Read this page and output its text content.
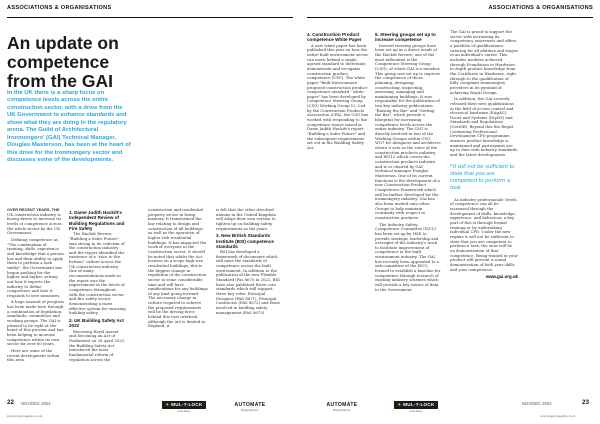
ASSOCIATIONS & ORGANISATIONS	ASSOCIATIONS & ORGANISATIONS
An update on competence from the GAI

In the UK there is a sharp focus on competence levels across the entire construction sector, with a drive from the UK Government to enhance standards and show what they are doing in the regulatory arena. The Guild of Architectural Ironmongers' (GAI) Technical Manager, Douglas Masterson, has been at the heart of this drive for the ironmongery sector and discusses some of the developments.

OVER RECENT YEARS, THE UK construction industry is facing drives to increase its levels of competence across the whole sector by the UK Government.

Defining competence as "The combination of training, skills, experience and knowledge that a person has and their ability to apply them to perform a task safely", the Government has begun pushing for the higher and higher, setting out how it expects the industry to define competence and how it responds to new measures.

A huge amount of progress has been made here through a combination of legislation, standards, committees and working groups. The GAI is pleased to be right at the heart of this process and has been helping to increase competence within its own sector for over 60 years.

Here are some of the recent development within this area.

1. Dame Judith Hackitt's Independent Review of Building Regulations and Fire Safety

The Hackitt Review, "Building a Safer Future", was strong in its criticism of the construction industry and the report identified the existence of a "race to the bottom" culture across the UK construction industry. One of many recommendations made in the report was the improvement in the levels of competence throughout, with the construction sector and fire safety sector demonstrating a more effective system for ensuring building safety.

2. UK Building Safety Act 2022

Receiving Royal Assent and becoming an Act of Parliament on 28 April 2022, the Building Safety Act introduced the most fundamental reform of regulation across the

construction and residential property sector in living memory. It transformed the law relating to design and construction of all buildings, as well as the operation of higher risk residential buildings. It has impacted the work of everyone in the construction sector. It should be noted that whilst the Act focuses on a scope high-rise residential buildings, this is the biggest change in regulation of the construction sector in some considerable time and will have ramifications for any buildings of any kind going forward. The necessary change in culture required to achieve the proposed requirements will be the driving force behind this vast overhaul. Although the Act is limited to England, it

is felt that the other devolved nations in the United Kingdom will adapt their own version to tighten up on building safety requirements as the years.

3. New British Standards Institute (BSI) competence standards

BSI has developed a framework of documents which will raise the standards of competence across the built environment. In addition to the publication of the new Flexible Standard (Pas 8670 in 2022, BSI have also published three core standards which will support three key roles: Principal Designer (PAS 8671), Principal Contractor (PAS 8672) and those involved in building safety management (PAS 8673).

4. Construction Product competence White Paper

A new white paper has been published this year on how the entire built environment sector can move behind a single, agreed standard to determine, demonstrate and recognise construction product competence (CPC). The white paper "Built Environment - proposed construction product competence standard - white paper" has been developed by Competence Steering Group (CSG) Working Group 12. Led by the Construction Products Association (CPA), the CSG has worked with responding to the competence issues raised in Dame Judith Hackitt's report "Building a Safer Future" and the subsequent requirements set out in the Building Safety Act.

5. Steering groups set up to increase competence

Several steering groups have been set up as a direct result of the Hackitt Review; one of the most influential is the Competence Steering Group (CSG), of which GAI is a member. This group was set up to improve the competence of those planning, designing, constructing, inspecting, assessing, managing and maintaining buildings. It was responsible for the publication of two key industry publications: "Raising the Bar" and "Setting the Bar", which provide a blueprint for increasing competence levels across the entire industry. The CSG is directly involved in two of the Working Groups within CSG, WG7 for designers and architects where it acts as the voice of the construction products industry, and WG12 which covers the construction products industry and is co-chaired by GAI technical manager Douglas Masterson. One of its current functions is the development of a new Construction Product Competence Framework which will be further developed for the ironmongery industry. GAI has also been invited onto other Groups to help maintain continuity with respect to construction products.

The Industry Safety Competence Committee (ISCC) has been set up by HSE to provide strategic leadership and oversight of the industry's work to facilitate improvement of competence in the built environment industry. The GAI has recently been appointed to a sub-committee of the ISCC, formed to establish a baseline for competence through research of existing industry schemes which will provide a key source of data to the Government.

The GAI is proud to support the sector with increasing its competency awareness and offers a portfolio of qualifications, catering for all abilities and stages of an individual's career. This includes modules achieved through Foundation to Hardware, to depth product knowledge from the Certificate in Hardware, right through to the qualification of fully compliant ironmongery providers in its pyramid of achieving RegAI Design.

In addition, the GAI recently released their new qualifications in the field of access control and electrical hardware (EAgAC). Doors and Systems (DipDS) and Standards and Regulations (CertSR). Beyond this the RegAI Continuing Professional Development CPD programme, ensures product knowledge is maintained and participants are up to date with industry standards and the latest developments.

“It will not be sufficient to state that you are competent to perform a task

As industry professionals' levels of competence can all be increased through the development of skills, knowledge, experience, and behaviour, a key part of this is through formal training or by undertaking individual CPD. Under the new regime it will not be sufficient to state that you are competent to perform a task; the onus will be on demonstration of that competence. Being trained in your product will prevent a sound demonstration of both your skills and your competence.

www.gai.org.uk
22 NOV/DEC 2022
ironmongerymagazine.co.uk
✦ MUL-T-LOCK
Assa Abloy
AUTOMATE
Briggs Barriers
AUTOMATE
Briggs Barriers
✦ MUL-T-LOCK
Assa Abloy
NOV/DEC 2022	23
ironmongerymagazine.co.uk
